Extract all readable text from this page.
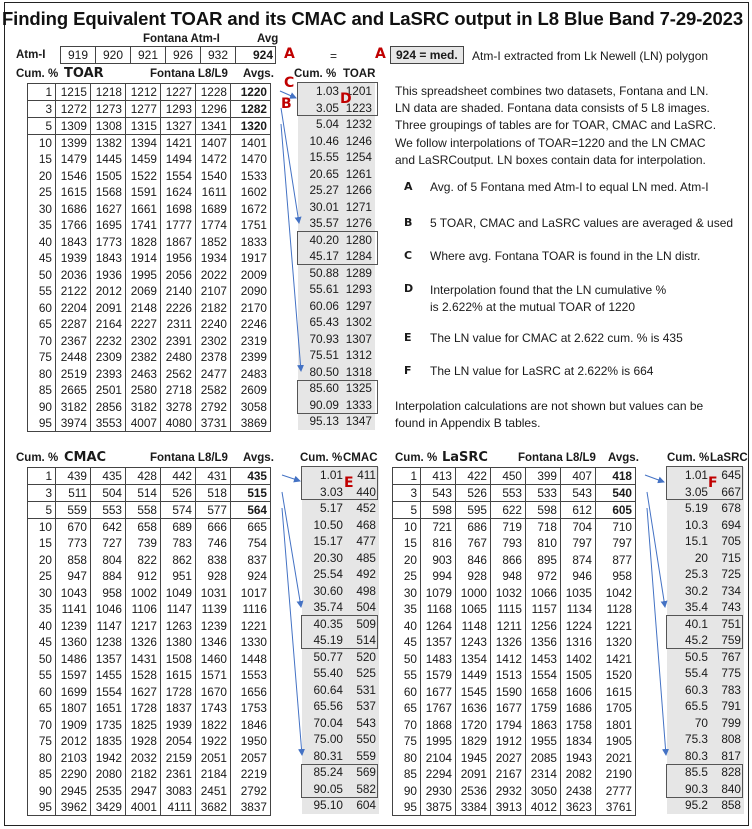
Finding Equivalent TOAR and its CMAC and LaSRC output in L8 Blue Band 7-29-2023
Fontana Atm-I	Avg
Atm-I 919	920	921	926	932	924 A	=	A 924 = med.	Atm-I extracted from Lk Newell (LN) polygon
Cum. % TOAR	Fontana L8/L9 Avgs. Cum. % TOAR
1	1215	1218	1212	1227	1228	1220
3	1272	1273	1277	1293	1296	1282
5	1309	1308	1315	1327	1341	1320
10	1399	1382	1394	1421	1407	1401
15	1479	1445	1459	1494	1472	1470
20	1546	1505	1522	1554	1540	1533
25	1615	1568	1591	1624	1611	1602
30	1686	1627	1661	1698	1689	1672
35	1766	1695	1741	1777	1774	1751
40	1843	1773	1828	1867	1852	1833
45	1939	1843	1914	1956	1934	1917
50	2036	1936	1995	2056	2022	2009
55	2122	2012	2069	2140	2107	2090
60	2204	2091	2148	2226	2182	2170
65	2287	2164	2227	2311	2240	2246
70	2367	2232	2302	2391	2302	2319
75	2448	2309	2382	2480	2378	2399
80	2519	2393	2463	2562	2477	2483
85	2665	2501	2580	2718	2582	2609
90	3182	2856	3182	3278	2792	3058
95	3974	3553	4007	4080	3731	3869
1.03	1201
3.05	1223
5.04	1232
10.46	1246
15.55	1254
20.65	1261
25.27	1266
30.01	1271
35.57	1276
40.20	1280
45.17	1284
50.88	1289
55.61	1293
60.06	1297
65.43	1302
70.93	1307
75.51	1312
80.50	1318
85.60	1325
90.09	1333
95.13	1347
C
B	D	This spreadsheet combines two datasets, Fontana and LN.
LN data are shaded. Fontana data consists of 5 L8 images.
Three groupings of tables are for TOAR, CMAC and LaSRC.
We follow interpolations of TOAR=1220 and the LN CMAC
and LaSRCoutput. LN boxes contain data for interpolation.
A	Avg. of 5 Fontana med Atm-I to equal LN med. Atm-I
B	5 TOAR, CMAC and LaSRC values are averaged & used
C	Where avg. Fontana TOAR is found in the LN distr.
D	Interpolation found that the LN cumulative %
is 2.622% at the mutual TOAR of 1220
E	The LN value for CMAC at 2.622 cum. % is 435
F	The LN value for LaSRC at 2.622% is 664
Interpolation calculations are not shown but values can be
found in Appendix B tables.
Cum. % CMAC	Fontana L8/L9 Avgs. Cum. % CMAC
1	439	435	428	442	431	435
3	511	504	514	526	518	515
5	559	553	558	574	577	564
10	670	642	658	689	666	665
15	773	727	739	783	746	754
20	858	804	822	862	838	837
25	947	884	912	951	928	924
30	1043	958	1002	1049	1031	1017
35	1141	1046	1106	1147	1139	1116
40	1239	1147	1217	1263	1239	1221
45	1360	1238	1326	1380	1346	1330
50	1486	1357	1431	1508	1460	1448
55	1597	1455	1528	1615	1571	1553
60	1699	1554	1627	1728	1670	1656
65	1807	1651	1728	1837	1743	1753
70	1909	1735	1825	1939	1822	1846
75	2012	1835	1928	2054	1922	1950
80	2103	1942	2032	2159	2051	2057
85	2290	2080	2182	2361	2184	2219
90	2945	2535	2947	3083	2451	2792
95	3962	3429	4001	4111	3682	3837
1.01	411
3.03	440
5.17	452
10.50	468
15.17	477
20.30	485
25.54	492
30.60	498
35.74	504
40.35	509
45.19	514
50.77	520
55.40	525
60.64	531
65.56	537
70.04	543
75.00	550
80.31	559
85.24	569
90.05	582
95.10	604
E
Cum. % LaSRC	Fontana L8/L9 Avgs. Cum. % LaSRC
1	413	422	450	399	407	418
3	543	526	553	533	543	540
5	598	595	622	598	612	605
10	721	686	719	718	704	710
15	816	767	793	810	797	797
20	903	846	866	895	874	877
25	994	928	948	972	946	958
30	1079	1000	1032	1066	1035	1042
35	1168	1065	1115	1157	1134	1128
40	1264	1148	1211	1256	1224	1221
45	1357	1243	1326	1356	1316	1320
50	1483	1354	1412	1453	1402	1421
55	1579	1449	1513	1554	1505	1520
60	1677	1545	1590	1658	1606	1615
65	1767	1636	1677	1759	1686	1705
70	1868	1720	1794	1863	1758	1801
75	1995	1829	1912	1955	1834	1905
80	2104	1945	2027	2085	1943	2021
85	2294	2091	2167	2314	2082	2190
90	2930	2536	2932	3050	2438	2777
95	3875	3384	3913	4012	3623	3761
1.01	645
3.05	667
5.19	678
10.3	694
15.1	705
20	715
25.3	725
30.2	734
35.4	743
40.1	751
45.2	759
50.5	767
55.4	775
60.3	783
65.5	791
70	799
75.3	808
80.3	817
85.5	828
90.3	840
95.2	858
F
